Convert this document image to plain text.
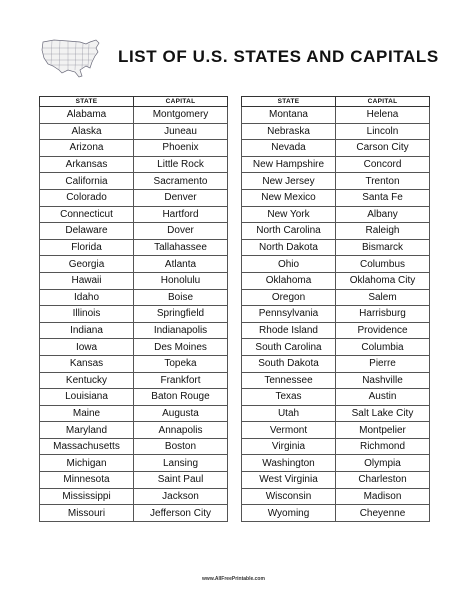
LIST OF U.S. STATES AND CAPITALS
STATE	CAPITAL
Alabama	Montgomery
Alaska	Juneau
Arizona	Phoenix
Arkansas	Little Rock
California	Sacramento
Colorado	Denver
Connecticut	Hartford
Delaware	Dover
Florida	Tallahassee
Georgia	Atlanta
Hawaii	Honolulu
Idaho	Boise
Illinois	Springfield
Indiana	Indianapolis
Iowa	Des Moines
Kansas	Topeka
Kentucky	Frankfort
Louisiana	Baton Rouge
Maine	Augusta
Maryland	Annapolis
Massachusetts	Boston
Michigan	Lansing
Minnesota	Saint Paul
Mississippi	Jackson
Missouri	Jefferson City
STATE	CAPITAL
Montana	Helena
Nebraska	Lincoln
Nevada	Carson City
New Hampshire	Concord
New Jersey	Trenton
New Mexico	Santa Fe
New York	Albany
North Carolina	Raleigh
North Dakota	Bismarck
Ohio	Columbus
Oklahoma	Oklahoma City
Oregon	Salem
Pennsylvania	Harrisburg
Rhode Island	Providence
South Carolina	Columbia
South Dakota	Pierre
Tennessee	Nashville
Texas	Austin
Utah	Salt Lake City
Vermont	Montpelier
Virginia	Richmond
Washington	Olympia
West Virginia	Charleston
Wisconsin	Madison
Wyoming	Cheyenne
www.AllFreePrintable.com
